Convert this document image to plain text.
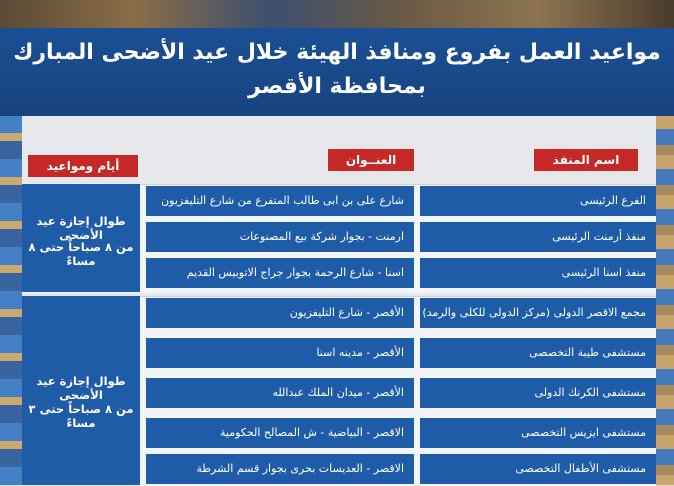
مواعيد العمل بفروع ومنافذ الهيئة خلال عيد الأضحى المبارك
بمحافظة الأقصر
اسم المنفذ
العنــوان
أيام ومواعيد
طوال إجازة عيد الأضحى
من ٨ صباحاً حتى ٨ مساءً
الفرع الرئيسى
شارع على بن ابى طالب المتفرع من شارع التليفزيون
منفذ أرمنت الرئيسى
ارمنت - بجوار شركة بيع المصنوعات
منفذ اسنا الرئيسى
اسنا - شارع الرحمة بجوار جراج الاتوبيس القديم
طوال إجازة عيد الأضحى
من ٨ صباحاً حتى ٣ مساءً
مجمع الاقصر الدولى (مركز الدولى للكلى والرمد)
الأقصر - شارع التليفزيون
مستشفى طيبة التخصصى
الأقصر - مدينه اسنا
مستشفى الكرنك الدولى
الأقصر - ميدان الملك عبدالله
مستشفى ايزيس التخصصى
الاقصر - البياضية - ش المصالح الحكومية
مستشفى الأطفال التخصصى
الاقصر - العديسات بحرى بجوار قسم الشرطة
